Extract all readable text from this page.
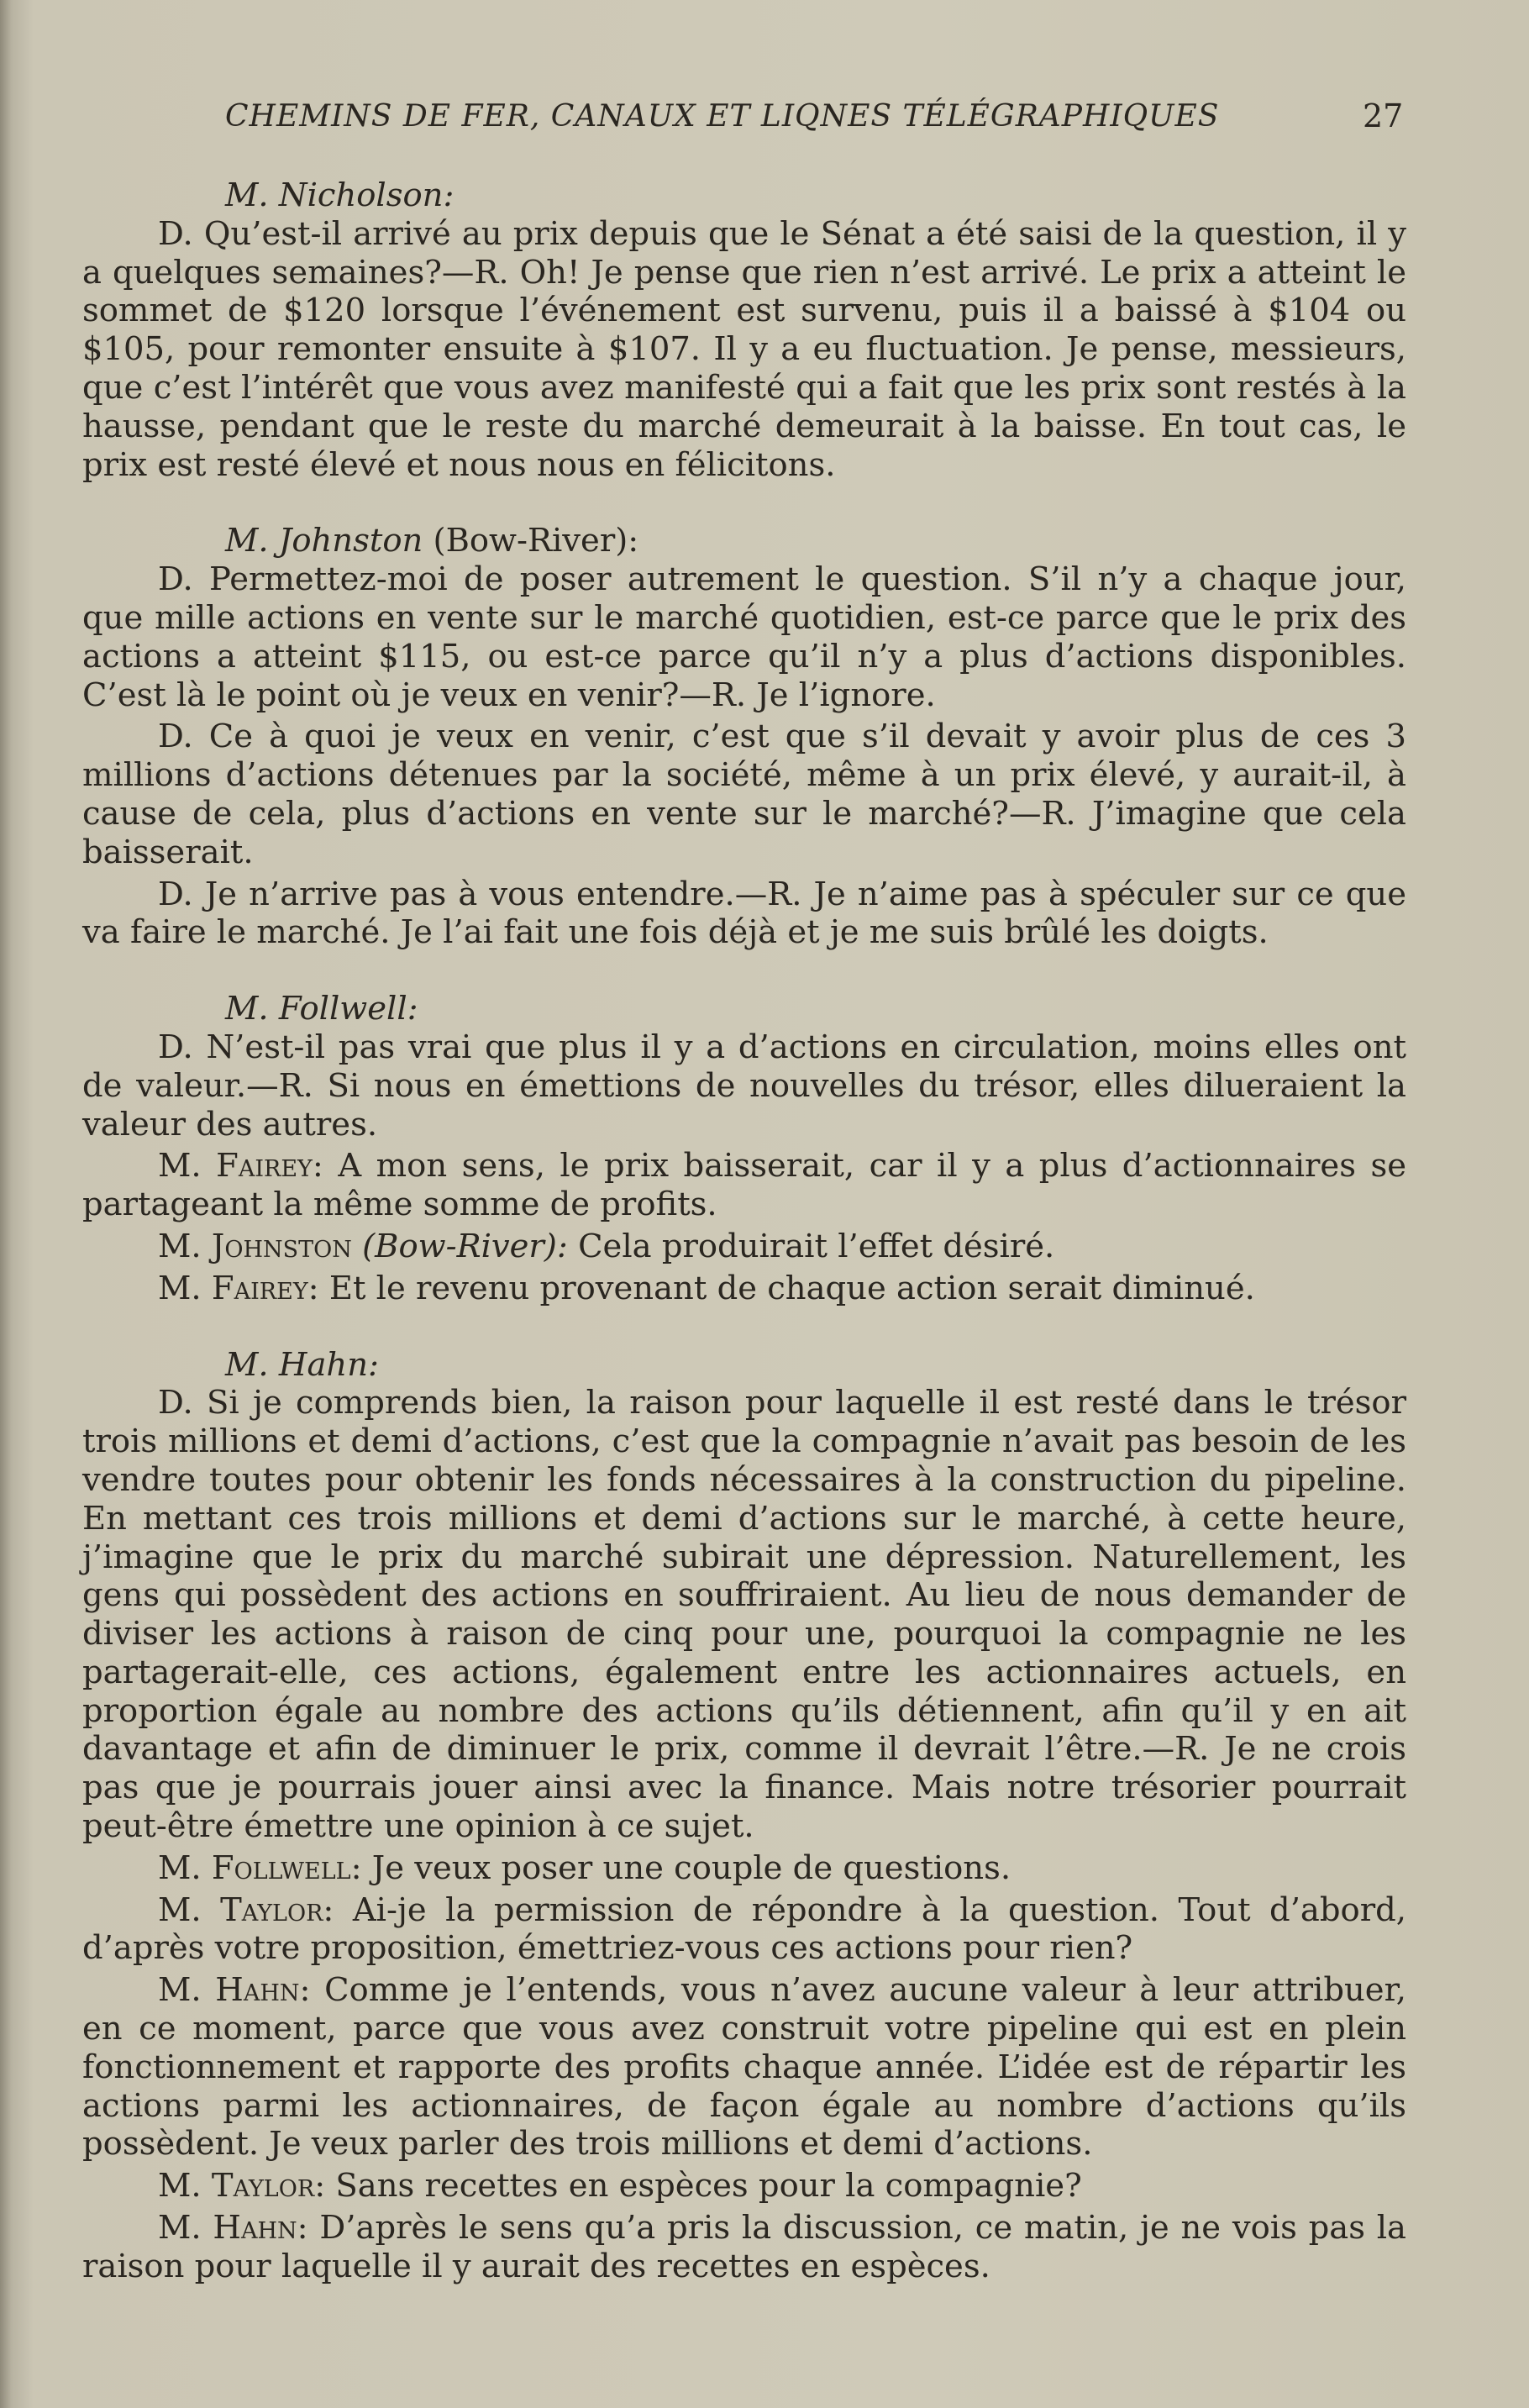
CHEMINS DE FER, CANAUX ET LIQNES TÉLÉGRAPHIQUES	27
M. Nicholson:

D. Qu’est-il arrivé au prix depuis que le Sénat a été saisi de la question, il y a quelques semaines?—R. Oh! Je pense que rien n’est arrivé. Le prix a atteint le sommet de $120 lorsque l’événement est survenu, puis il a baissé à $104 ou $105, pour remonter ensuite à $107. Il y a eu fluctuation. Je pense, messieurs, que c’est l’intérêt que vous avez manifesté qui a fait que les prix sont restés à la hausse, pendant que le reste du marché demeurait à la baisse. En tout cas, le prix est resté élevé et nous nous en félicitons.

M. Johnston (Bow-River):

D. Permettez-moi de poser autrement le question. S’il n’y a chaque jour, que mille actions en vente sur le marché quotidien, est-ce parce que le prix des actions a atteint $115, ou est-ce parce qu’il n’y a plus d’actions disponibles. C’est là le point où je veux en venir?—R. Je l’ignore.

D. Ce à quoi je veux en venir, c’est que s’il devait y avoir plus de ces 3 millions d’actions détenues par la société, même à un prix élevé, y aurait-il, à cause de cela, plus d’actions en vente sur le marché?—R. J’imagine que cela baisserait.

D. Je n’arrive pas à vous entendre.—R. Je n’aime pas à spéculer sur ce que va faire le marché. Je l’ai fait une fois déjà et je me suis brûlé les doigts.

M. Follwell:

D. N’est-il pas vrai que plus il y a d’actions en circulation, moins elles ont de valeur.—R. Si nous en émettions de nouvelles du trésor, elles dilueraient la valeur des autres.

M. Fairey: A mon sens, le prix baisserait, car il y a plus d’actionnaires se partageant la même somme de profits.

M. Johnston (Bow-River): Cela produirait l’effet désiré.

M. Fairey: Et le revenu provenant de chaque action serait diminué.

M. Hahn:

D. Si je comprends bien, la raison pour laquelle il est resté dans le trésor trois millions et demi d’actions, c’est que la compagnie n’avait pas besoin de les vendre toutes pour obtenir les fonds nécessaires à la construction du pipeline. En mettant ces trois millions et demi d’actions sur le marché, à cette heure, j’imagine que le prix du marché subirait une dépression. Naturellement, les gens qui possèdent des actions en souffriraient. Au lieu de nous demander de diviser les actions à raison de cinq pour une, pourquoi la compagnie ne les partagerait-elle, ces actions, également entre les actionnaires actuels, en proportion égale au nombre des actions qu’ils détiennent, afin qu’il y en ait davantage et afin de diminuer le prix, comme il devrait l’être.—R. Je ne crois pas que je pourrais jouer ainsi avec la finance. Mais notre trésorier pourrait peut-être émettre une opinion à ce sujet.

M. Follwell: Je veux poser une couple de questions.

M. Taylor: Ai-je la permission de répondre à la question. Tout d’abord, d’après votre proposition, émettriez-vous ces actions pour rien?

M. Hahn: Comme je l’entends, vous n’avez aucune valeur à leur attribuer, en ce moment, parce que vous avez construit votre pipeline qui est en plein fonctionnement et rapporte des profits chaque année. L’idée est de répartir les actions parmi les actionnaires, de façon égale au nombre d’actions qu’ils possèdent. Je veux parler des trois millions et demi d’actions.

M. Taylor: Sans recettes en espèces pour la compagnie?

M. Hahn: D’après le sens qu’a pris la discussion, ce matin, je ne vois pas la raison pour laquelle il y aurait des recettes en espèces.
